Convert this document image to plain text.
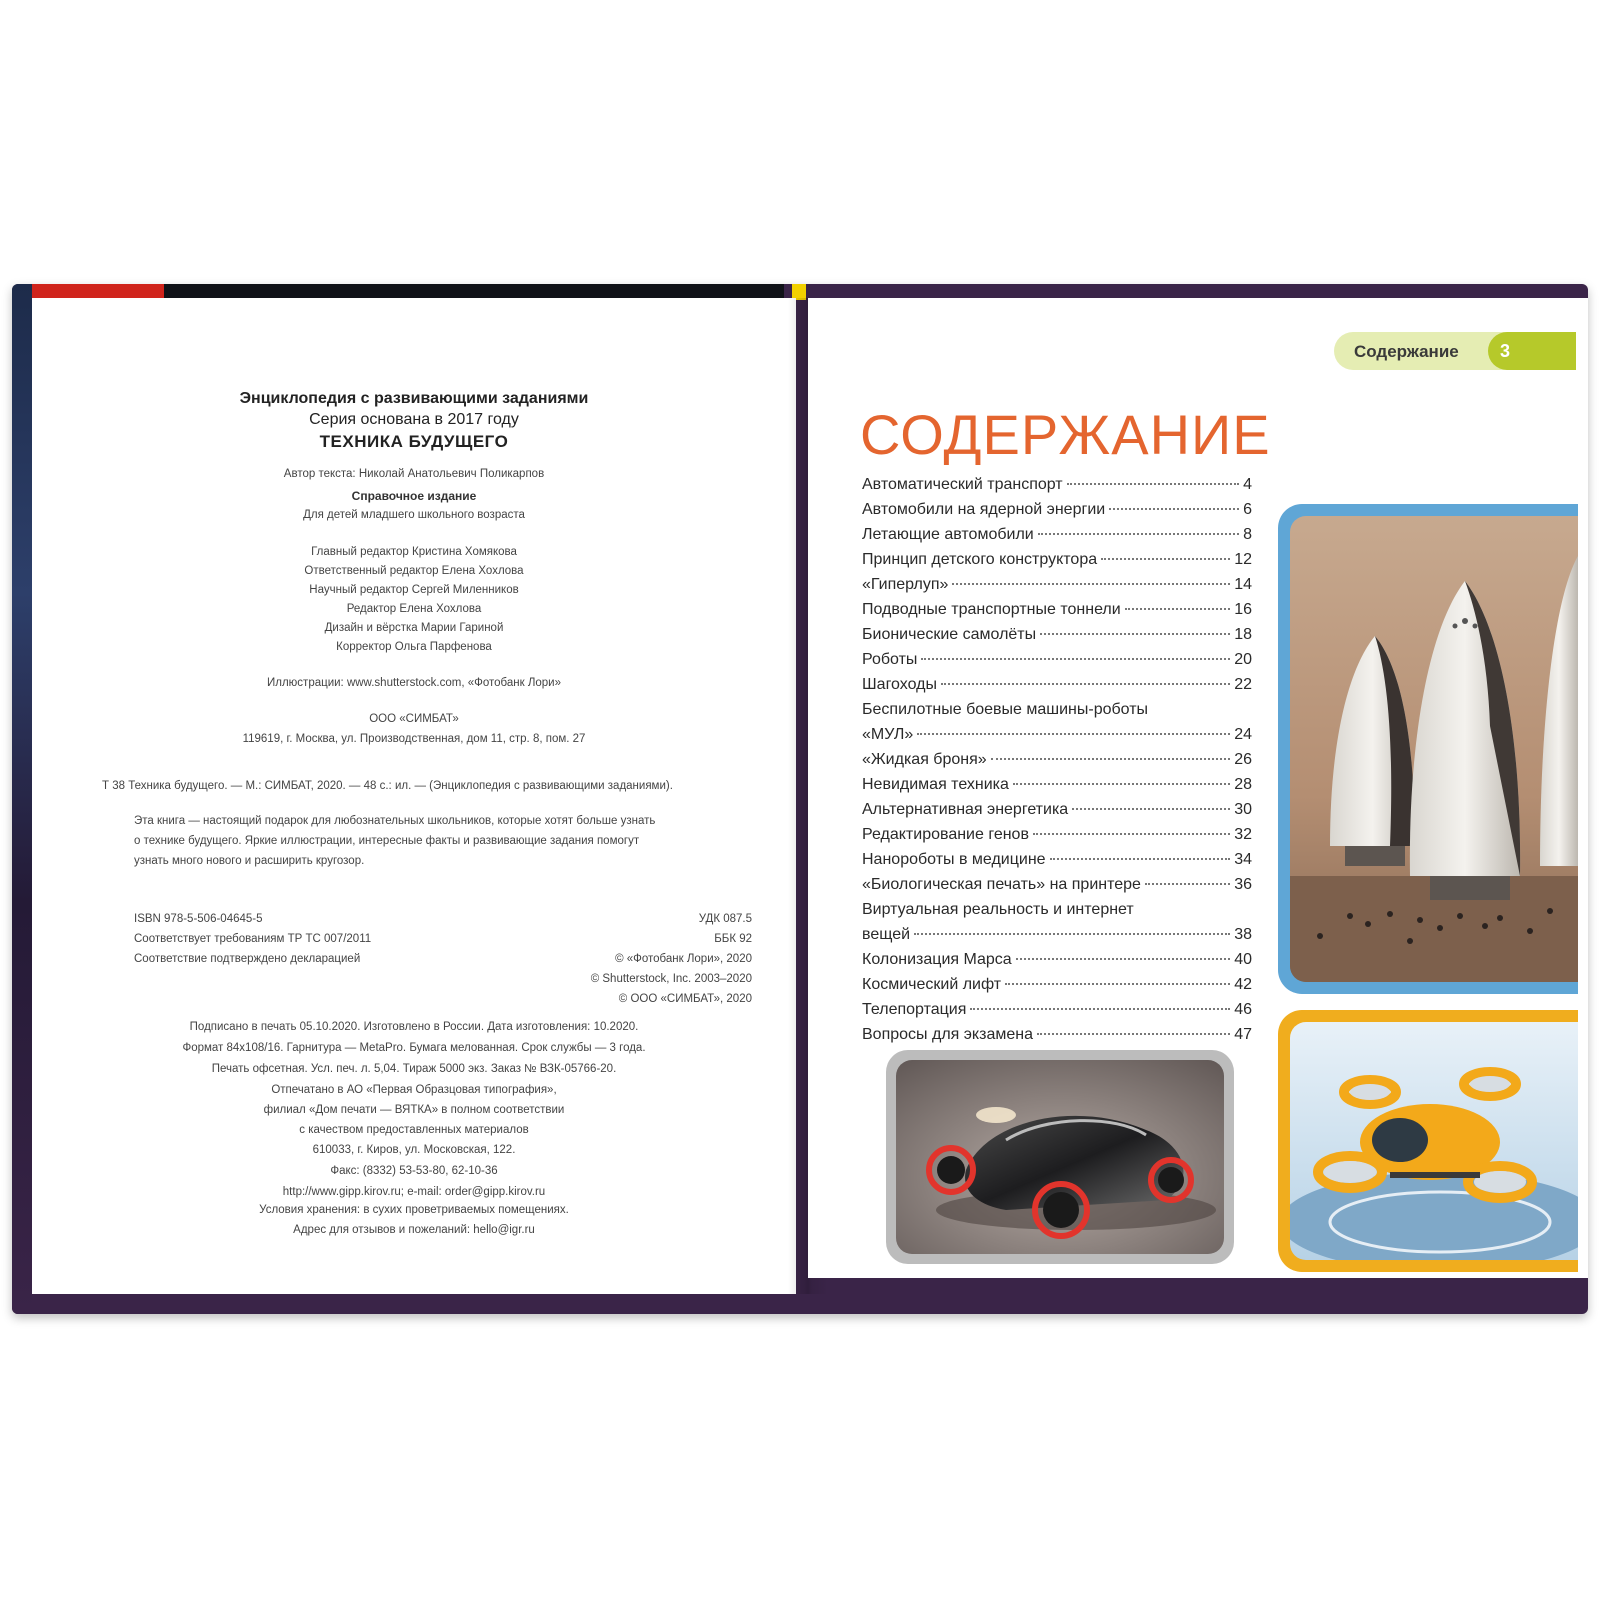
Энциклопедия с развивающими заданиями
Серия основана в 2017 году
ТЕХНИКА БУДУЩЕГО
Автор текста: Николай Анатольевич Поликарпов
Справочное издание
Для детей младшего школьного возраста
Главный редактор Кристина Хомякова
Ответственный редактор Елена Хохлова
Научный редактор Сергей Миленников
Редактор Елена Хохлова
Дизайн и вёрстка Марии Гариной
Корректор Ольга Парфенова
Иллюстрации: www.shutterstock.com, «Фотобанк Лори»
ООО «СИМБАТ»
119619, г. Москва, ул. Производственная, дом 11, стр. 8, пом. 27
Т 38 Техника будущего. — М.: СИМБАТ, 2020. — 48 с.: ил. — (Энциклопедия с развивающими заданиями).
Эта книга — настоящий подарок для любознательных школьников, которые хотят больше узнать
о технике будущего. Яркие иллюстрации, интересные факты и развивающие задания помогут
узнать много нового и расширить кругозор.
ISBN 978-5-506-04645-5
Соответствует требованиям ТР ТС 007/2011
Соответствие подтверждено декларацией
УДК 087.5
ББК 92
© «Фотобанк Лори», 2020
© Shutterstock, Inc. 2003–2020
© ООО «СИМБАТ», 2020
Подписано в печать 05.10.2020. Изготовлено в России. Дата изготовления: 10.2020.
Формат 84х108/16. Гарнитура — MetaPro. Бумага мелованная. Срок службы — 3 года.
Печать офсетная. Усл. печ. л. 5,04. Тираж 5000 экз. Заказ № ВЗК-05766-20.
Отпечатано в АО «Первая Образцовая типография»,
филиал «Дом печати — ВЯТКА» в полном соответствии
с качеством предоставленных материалов
610033, г. Киров, ул. Московская, 122.
Факс: (8332) 53-53-80, 62-10-36
http://www.gipp.kirov.ru; e-mail: order@gipp.kirov.ru
Условия хранения: в сухих проветриваемых помещениях.
Адрес для отзывов и пожеланий: hello@igr.ru
Содержание	3
СОДЕРЖАНИЕ
Автоматический транспорт	4
Автомобили на ядерной энергии	6
Летающие автомобили	8
Принцип детского конструктора	12
«Гиперлуп»	14
Подводные транспортные тоннели	16
Бионические самолёты	18
Роботы	20
Шагоходы	22
Беспилотные боевые машины-роботы
«МУЛ»	24
«Жидкая броня»	26
Невидимая техника	28
Альтернативная энергетика	30
Редактирование генов	32
Нанороботы в медицине	34
«Биологическая печать» на принтере	36
Виртуальная реальность и интернет
вещей	38
Колонизация Марса	40
Космический лифт	42
Телепортация	46
Вопросы для экзамена	47
